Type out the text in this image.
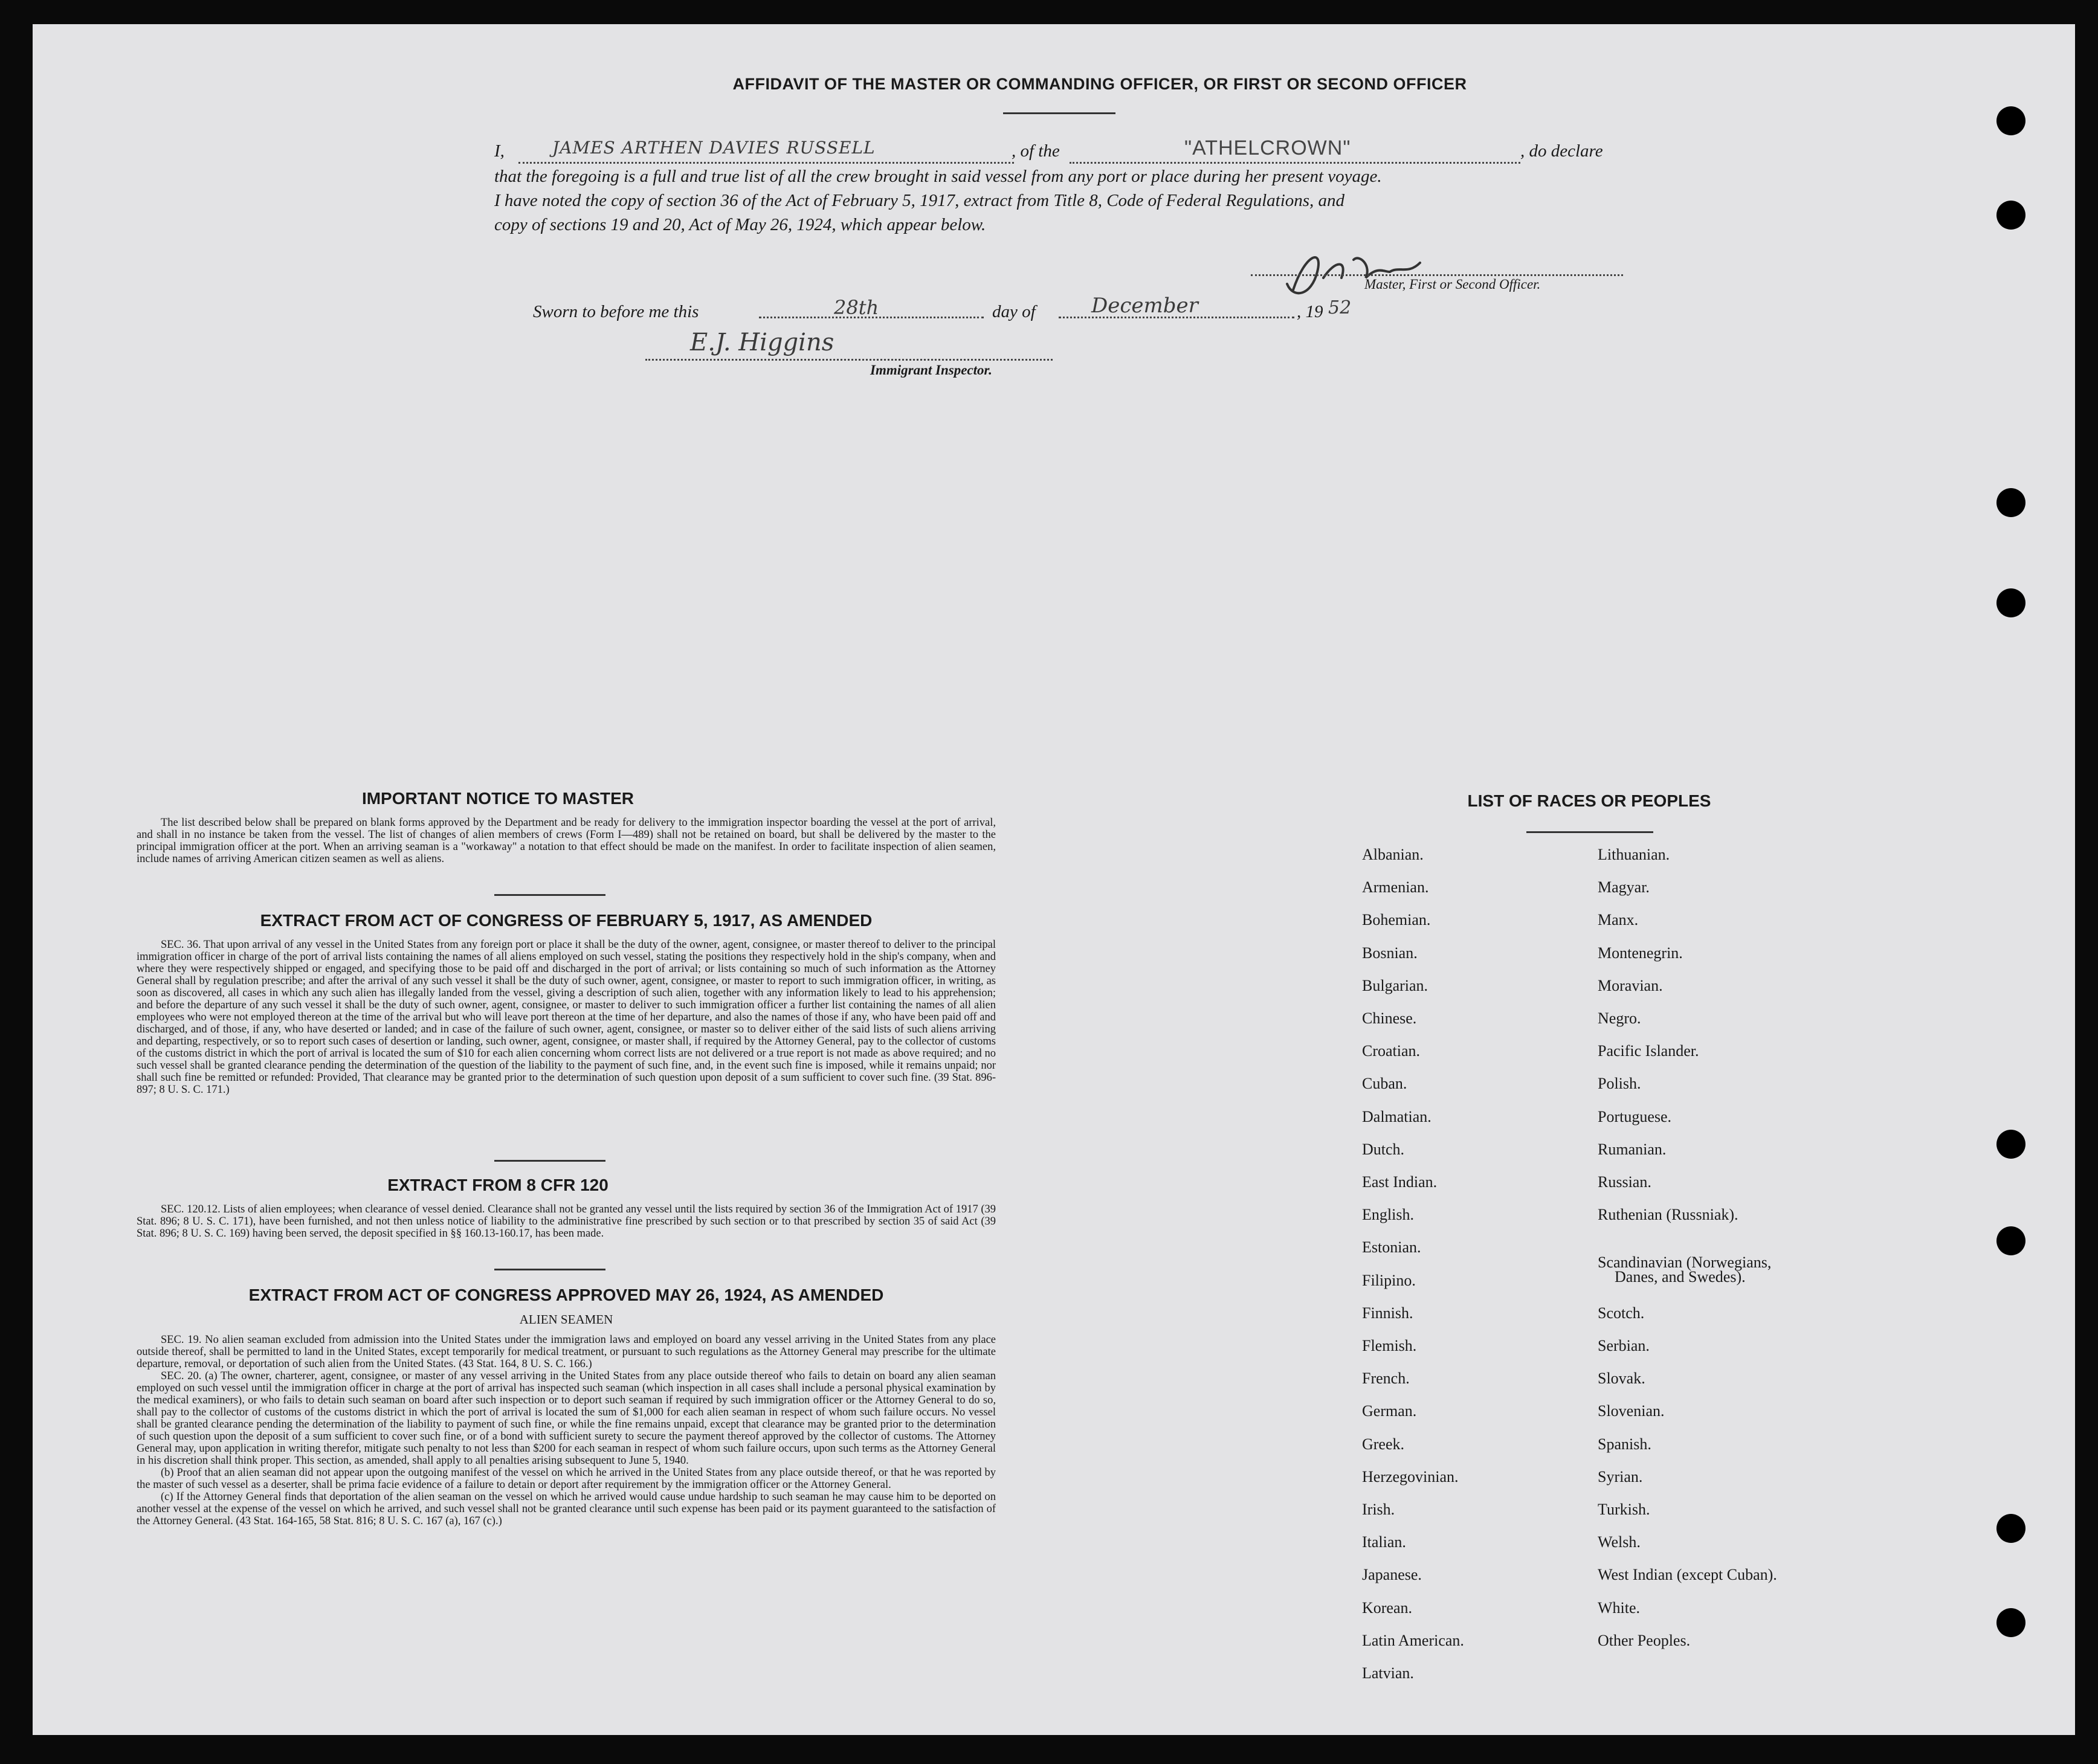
AFFIDAVIT OF THE MASTER OR COMMANDING OFFICER, OR FIRST OR SECOND OFFICER
I,	JAMES ARTHEN DAVIES RUSSELL	, of the	"ATHELCROWN"	, do declare
that the foregoing is a full and true list of all the crew brought in said vessel from any port or place during her present voyage.
I have noted the copy of section 36 of the Act of February 5, 1917, extract from Title 8, Code of Federal Regulations, and
copy of sections 19 and 20, Act of May 26, 1924, which appear below.
Master, First or Second Officer.
Sworn to before me this	28th	day of	December	, 19 52
E.J. Higgins
Immigrant Inspector.
IMPORTANT NOTICE TO MASTER
The list described below shall be prepared on blank forms approved by the Department and be ready for delivery to the immigration inspector boarding the vessel at the port of arrival, and shall in no instance be taken from the vessel. The list of changes of alien members of crews (Form I—489) shall not be retained on board, but shall be delivered by the master to the principal immigration officer at the port. When an arriving seaman is a "workaway" a notation to that effect should be made on the manifest. In order to facilitate inspection of alien seamen, include names of arriving American citizen seamen as well as aliens.
EXTRACT FROM ACT OF CONGRESS OF FEBRUARY 5, 1917, AS AMENDED
SEC. 36. That upon arrival of any vessel in the United States from any foreign port or place it shall be the duty of the owner, agent, consignee, or master thereof to deliver to the principal immigration officer in charge of the port of arrival lists containing the names of all aliens employed on such vessel, stating the positions they respectively hold in the ship's company, when and where they were respectively shipped or engaged, and specifying those to be paid off and discharged in the port of arrival; or lists containing so much of such information as the Attorney General shall by regulation prescribe; and after the arrival of any such vessel it shall be the duty of such owner, agent, consignee, or master to report to such immigration officer, in writing, as soon as discovered, all cases in which any such alien has illegally landed from the vessel, giving a description of such alien, together with any information likely to lead to his apprehension; and before the departure of any such vessel it shall be the duty of such owner, agent, consignee, or master to deliver to such immigration officer a further list containing the names of all alien employees who were not employed thereon at the time of the arrival but who will leave port thereon at the time of her departure, and also the names of those if any, who have been paid off and discharged, and of those, if any, who have deserted or landed; and in case of the failure of such owner, agent, consignee, or master so to deliver either of the said lists of such aliens arriving and departing, respectively, or so to report such cases of desertion or landing, such owner, agent, consignee, or master shall, if required by the Attorney General, pay to the collector of customs of the customs district in which the port of arrival is located the sum of $10 for each alien concerning whom correct lists are not delivered or a true report is not made as above required; and no such vessel shall be granted clearance pending the determination of the question of the liability to the payment of such fine, and, in the event such fine is imposed, while it remains unpaid; nor shall such fine be remitted or refunded: Provided, That clearance may be granted prior to the determination of such question upon deposit of a sum sufficient to cover such fine. (39 Stat. 896-897; 8 U. S. C. 171.)
EXTRACT FROM 8 CFR 120
SEC. 120.12. Lists of alien employees; when clearance of vessel denied. Clearance shall not be granted any vessel until the lists required by section 36 of the Immigration Act of 1917 (39 Stat. 896; 8 U. S. C. 171), have been furnished, and not then unless notice of liability to the administrative fine prescribed by such section or to that prescribed by section 35 of said Act (39 Stat. 896; 8 U. S. C. 169) having been served, the deposit specified in §§ 160.13-160.17, has been made.
EXTRACT FROM ACT OF CONGRESS APPROVED MAY 26, 1924, AS AMENDED
ALIEN SEAMEN

SEC. 19. No alien seaman excluded from admission into the United States under the immigration laws and employed on board any vessel arriving in the United States from any place outside thereof, shall be permitted to land in the United States, except temporarily for medical treatment, or pursuant to such regulations as the Attorney General may prescribe for the ultimate departure, removal, or deportation of such alien from the United States. (43 Stat. 164, 8 U. S. C. 166.)

SEC. 20. (a) The owner, charterer, agent, consignee, or master of any vessel arriving in the United States from any place outside thereof who fails to detain on board any alien seaman employed on such vessel until the immigration officer in charge at the port of arrival has inspected such seaman (which inspection in all cases shall include a personal physical examination by the medical examiners), or who fails to detain such seaman on board after such inspection or to deport such seaman if required by such immigration officer or the Attorney General to do so, shall pay to the collector of customs of the customs district in which the port of arrival is located the sum of $1,000 for each alien seaman in respect of whom such failure occurs. No vessel shall be granted clearance pending the determination of the liability to payment of such fine, or while the fine remains unpaid, except that clearance may be granted prior to the determination of such question upon the deposit of a sum sufficient to cover such fine, or of a bond with sufficient surety to secure the payment thereof approved by the collector of customs. The Attorney General may, upon application in writing therefor, mitigate such penalty to not less than $200 for each seaman in respect of whom such failure occurs, upon such terms as the Attorney General in his discretion shall think proper. This section, as amended, shall apply to all penalties arising subsequent to June 5, 1940.

(b) Proof that an alien seaman did not appear upon the outgoing manifest of the vessel on which he arrived in the United States from any place outside thereof, or that he was reported by the master of such vessel as a deserter, shall be prima facie evidence of a failure to detain or deport after requirement by the immigration officer or the Attorney General.

(c) If the Attorney General finds that deportation of the alien seaman on the vessel on which he arrived would cause undue hardship to such seaman he may cause him to be deported on another vessel at the expense of the vessel on which he arrived, and such vessel shall not be granted clearance until such expense has been paid or its payment guaranteed to the satisfaction of the Attorney General. (43 Stat. 164-165, 58 Stat. 816; 8 U. S. C. 167 (a), 167 (c).)

LIST OF RACES OR PEOPLES
Albanian.
Armenian.
Bohemian.
Bosnian.
Bulgarian.
Chinese.
Croatian.
Cuban.
Dalmatian.
Dutch.
East Indian.
English.
Estonian.
Filipino.
Finnish.
Flemish.
French.
German.
Greek.
Herzegovinian.
Irish.
Italian.
Japanese.
Korean.
Latin American.
Latvian.
Lithuanian.
Magyar.
Manx.
Montenegrin.
Moravian.
Negro.
Pacific Islander.
Polish.
Portuguese.
Rumanian.
Russian.
Ruthenian (Russniak).
Scandinavian (Norwegians,
Danes, and Swedes).
Scotch.
Serbian.
Slovak.
Slovenian.
Spanish.
Syrian.
Turkish.
Welsh.
West Indian (except Cuban).
White.
Other Peoples.
